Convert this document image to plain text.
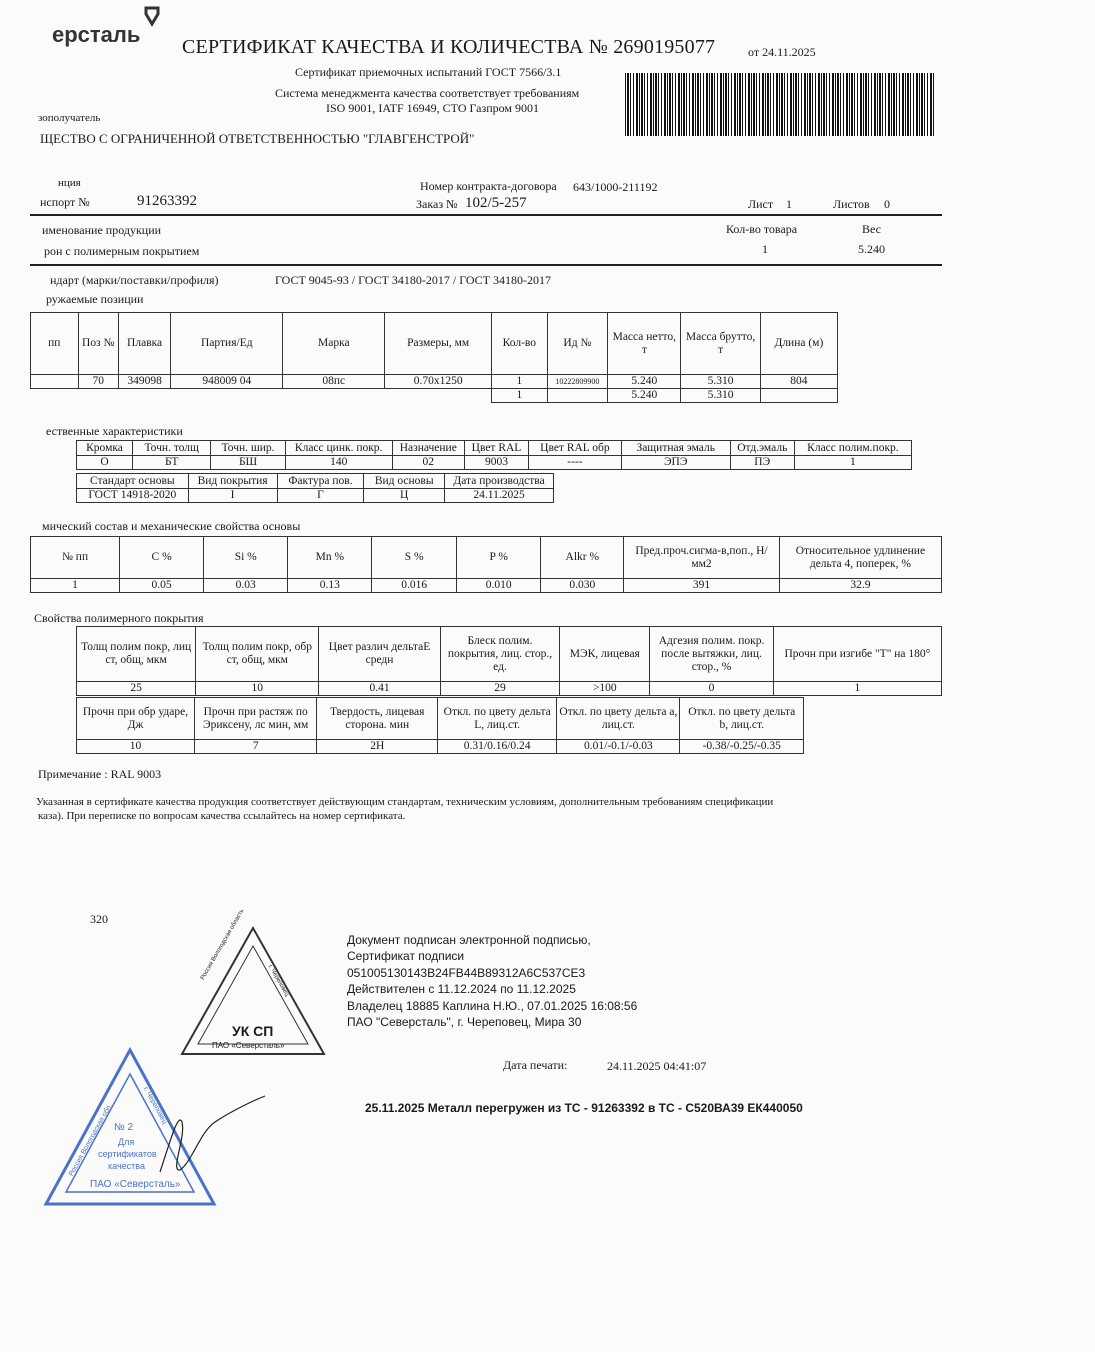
ерсталь СЕРТИФИКАТ КАЧЕСТВА И КОЛИЧЕСТВА № 2690195077	от 24.11.2025
Сертификат приемочных испытаний ГОСТ 7566/3.1
Система менеджмента качества соответствует требованиям
ISO 9001, IATF 16949, СТО Газпром 9001
зополучатель
ЩЕСТВО С ОГРАНИЧЕННОЙ ОТВЕТСТВЕННОСТЬЮ "ГЛАВГЕНСТРОЙ"
нция
нспорт №	91263392
Номер контракта-договора 643/1000-211192
Заказ № 102/5-257	Лист 1	Листов 0
именование продукции
рон с полимерным покрытием
Кол-во товара
1
Вес
5.240
ндарт (марки/поставки/профиля)	ГОСТ 9045-93 / ГОСТ 34180-2017 / ГОСТ 34180-2017
ружаемые позиции
пп	Поз №	Плавка	Партия/Ед	Марка	Размеры, мм	Кол-во	Ид №	Масса нетто, т	Масса брутто, т	Длина (м)
	70	349098	948009 04	08пс	0.70х1250	1	10222809900	5.240	5.310	804
						1		5.240	5.310	
ественные характеристики
Кромка	Точн. толщ	Точн. шир.	Класс цинк. покр.	Назначение	Цвет RAL	Цвет RAL обр	Защитная эмаль	Отд.эмаль	Класс полим.покр.
О	БТ	БШ	140	02	9003	----	ЭПЭ	ПЭ	1
Стандарт основы	Вид покрытия	Фактура пов.	Вид основы	Дата производства
ГОСТ 14918-2020	I	Г	Ц	24.11.2025
мический состав и механические свойства основы
№ пп	C %	Si %	Mn %	S %	P %	Alkr %	Пред.проч.сигма-в,поп., Н/мм2	Относительное удлинение дельта 4, поперек, %
1	0.05	0.03	0.13	0.016	0.010	0.030	391	32.9
Свойства полимерного покрытия
Толщ полим покр, лиц ст, общ, мкм	Толщ полим покр, обр ст, общ, мкм	Цвет различ дельтаЕ средн	Блеск полим. покрытия, лиц. стор., ед.	МЭК, лицевая	Адгезия полим. покр. после вытяжки, лиц. стор., %	Прочн при изгибе "T" на 180°
25	10	0.41	29	>100	0	1
Прочн при обр ударе, Дж	Прочн при растяж по Эриксену, лс мин, мм	Твердость, лицевая сторона. мин	Откл. по цвету дельта L, лиц.ст.	Откл. по цвету дельта a, лиц.ст.	Откл. по цвету дельта b, лиц.ст.
10	7	2H	0.31/0.16/0.24	0.01/-0.1/-0.03	-0.38/-0.25/-0.35
Примечание : RAL 9003
Указанная в сертификате качества продукция соответствует действующим стандартам, техническим условиям, дополнительным требованиям спецификации
каза). При переписке по вопросам качества ссылайтесь на номер сертификата.
320
Документ подписан электронной подписью,
Сертификат подписи
051005130143B24FB44B89312A6C537CE3
Действителен с 11.12.2024 по 11.12.2025
Владелец 18885 Каплина Н.Ю., 07.01.2025 16:08:56
ПАО "Северсталь", г. Череповец, Мира 30
Дата печати:	24.11.2025 04:41:07
25.11.2025 Металл перегружен из ТС - 91263392 в ТС - С520ВА39 ЕК440050
УК СП
ПАО «Северсталь»
Россия Вологодская область	г. Череповец
№ 2
Для
сертификатов
качества
ПАО «Северсталь»
Россия Вологодская обл.	г. Череповец
